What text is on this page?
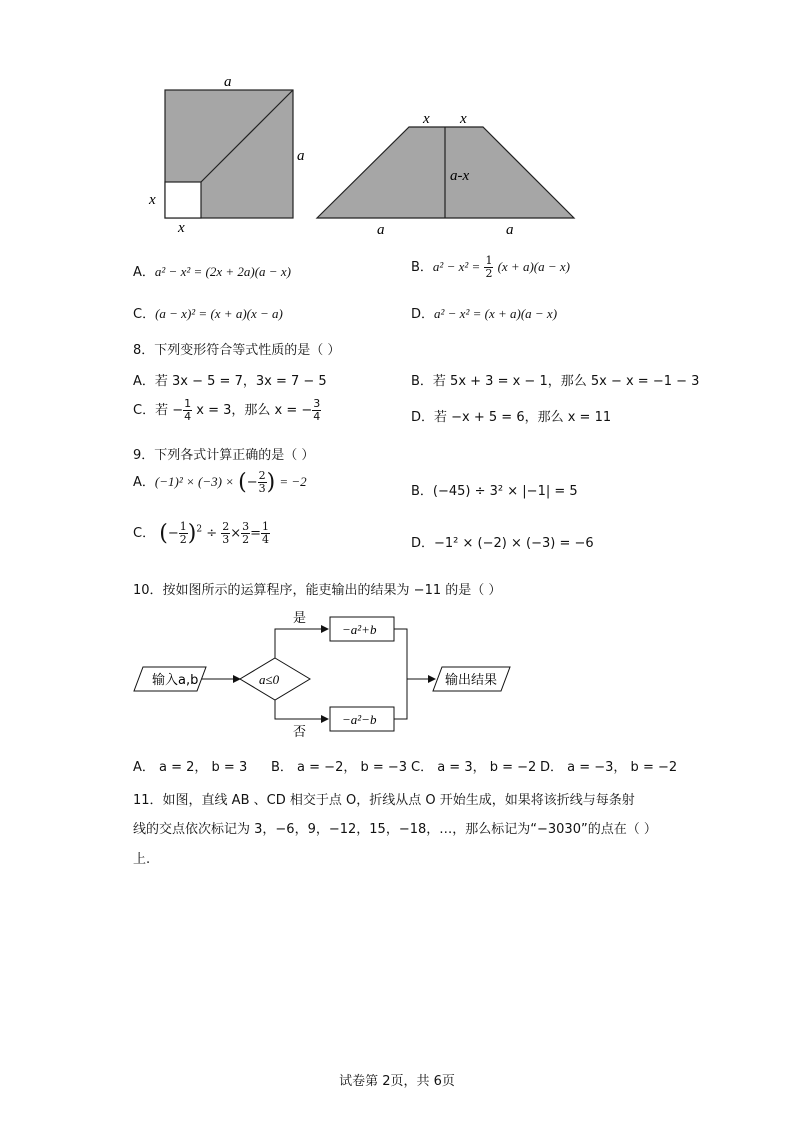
a
a
x
x
x x
a-x
a	a
A．a² − x² = (2x + 2a)(a − x)	B．$a^2 - x^2 = \frac{1}{2} (x + a)(a - x)$
C．(a − x)² = (x + a)(x − a)	D．a² − x² = (x + a)(a − x)
8．下列变形符合等式性质的是（ ）
A．若 3x − 5 = 7，3x = 7 − 5	B．若 5x + 3 = x − 1，那么 5x − x = −1 − 3
C．若 − $\frac{1}{4}$ x = 3，那么 x = − $\frac{3}{4}$	D．若 −x + 5 = 6，那么 x = 11
9．下列各式计算正确的是（ ）
A．(−1)² × (−3) × (− $\frac{2}{3}$ ) = −2
B．(−45) ÷ 3² × |−1| = 5
C． (− $\frac{1}{2} )^2 \div \frac{2}{3} \times \frac{3}{2} = \frac{1}{4}$	D．−1² × (−2) × (−3) = −6
10．按如图所示的运算程序，能吏输出的结果为 −11 的是（ ）
输入a,b	a≤0
是
否
−a²+b
−a²−b
输出结果
A． a = 2， b = 3 B． a = −2， b = −3 C． a = 3， b = −2 D． a = −3， b = −2
11．如图，直线 AB 、CD 相交于点 O，折线从点 O 开始生成，如果将该折线与每条射
线的交点依次标记为 3，−6，9，−12，15，−18，…，那么标记为“−3030”的点在（ ）
上.
试卷第 2页，共 6页
